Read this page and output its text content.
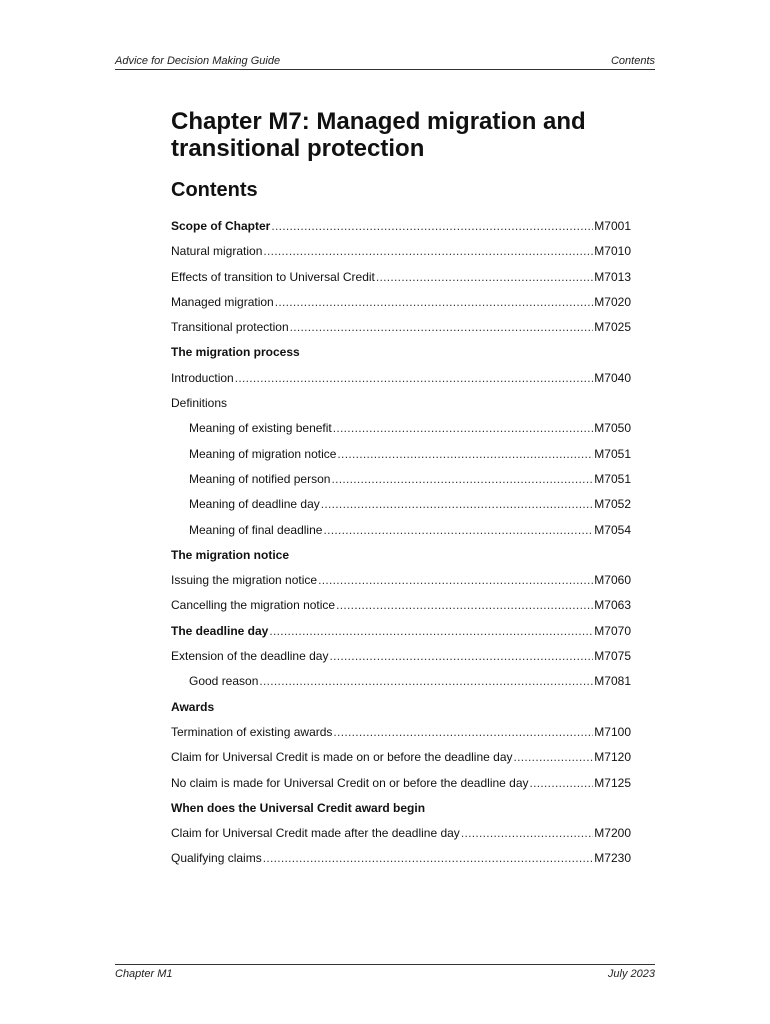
Advice for Decision Making Guide	Contents
Chapter M7: Managed migration and transitional protection
Contents
Scope of Chapter .....	M7001
Natural migration .....	M7010
Effects of transition to Universal Credit .....	M7013
Managed migration .....	M7020
Transitional protection .....	M7025
The migration process
Introduction .....	M7040
Definitions
Meaning of existing benefit .....	M7050
Meaning of migration notice .....	M7051
Meaning of notified person .....	M7051
Meaning of deadline day .....	M7052
Meaning of final deadline .....	M7054
The migration notice
Issuing the migration notice .....	M7060
Cancelling the migration notice .....	M7063
The deadline day .....	M7070
Extension of the deadline day .....	M7075
Good reason .....	M7081
Awards
Termination of existing awards .....	M7100
Claim for Universal Credit is made on or before the deadline day .....	M7120
No claim is made for Universal Credit on or before the deadline day .....	M7125
When does the Universal Credit award begin
Claim for Universal Credit made after the deadline day .....	M7200
Qualifying claims .....	M7230
Chapter M1	July 2023
